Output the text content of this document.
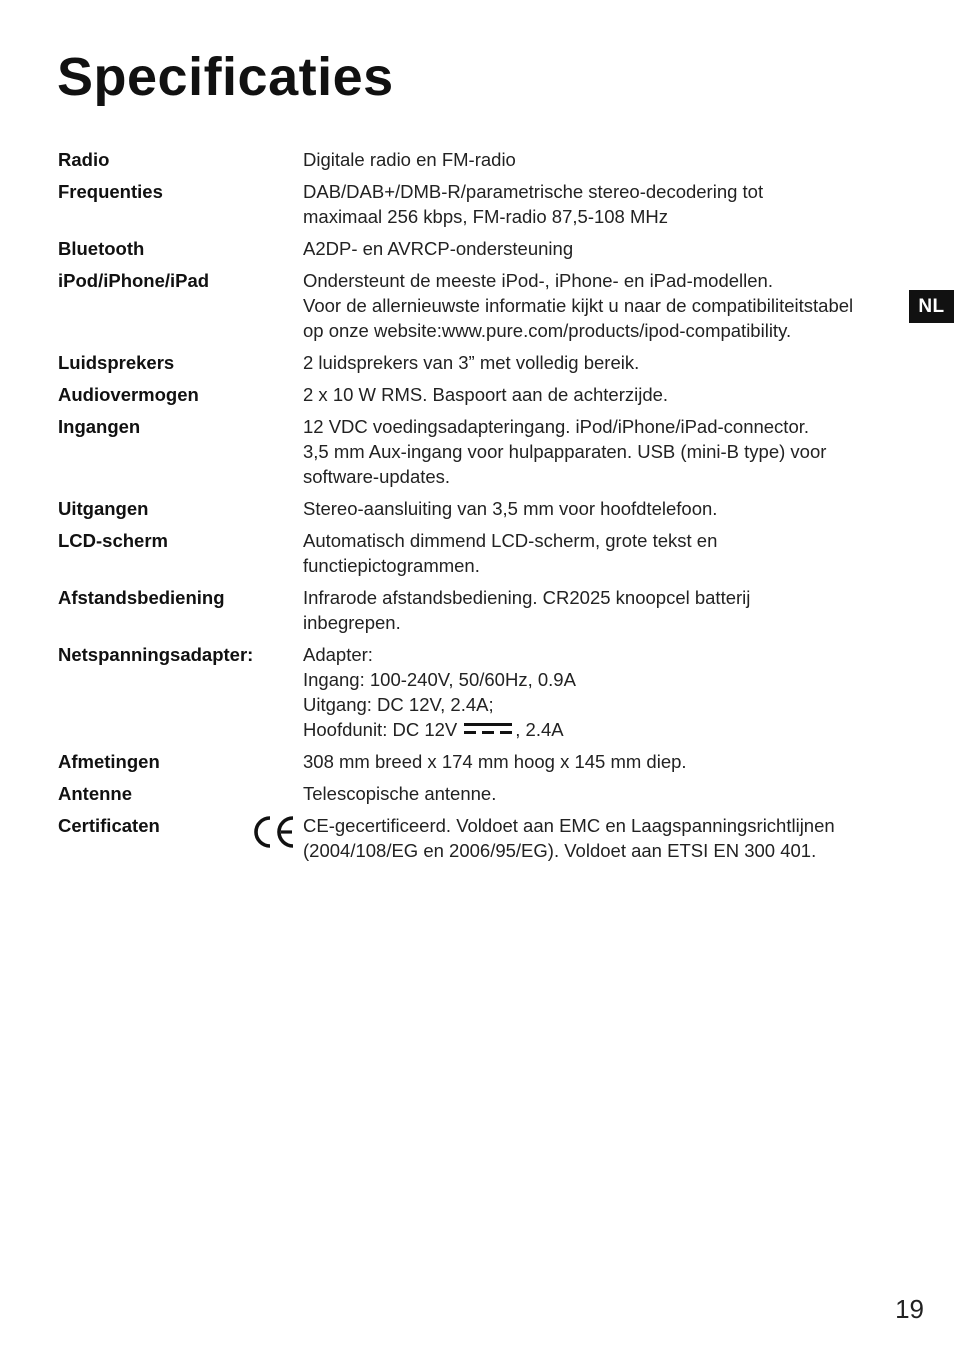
Specificaties
NL
Radio	Digitale radio en FM-radio
Frequenties	DAB/DAB+/DMB-R/parametrische stereo-decodering tot
maximaal 256 kbps, FM-radio 87,5-108 MHz
Bluetooth	A2DP- en AVRCP-ondersteuning
iPod/iPhone/iPad	Ondersteunt de meeste iPod-, iPhone- en iPad-modellen.
Voor de allernieuwste informatie kijkt u naar de compatibiliteitstabel
op onze website:www.pure.com/products/ipod-compatibility.
Luidsprekers	2 luidsprekers van 3” met volledig bereik.
Audiovermogen	2 x 10 W RMS. Baspoort aan de achterzijde.
Ingangen	12 VDC voedingsadapteringang. iPod/iPhone/iPad-connector.
3,5 mm Aux-ingang voor hulpapparaten. USB (mini-B type) voor
software-updates.
Uitgangen	Stereo-aansluiting van 3,5 mm voor hoofdtelefoon.
LCD-scherm	Automatisch dimmend LCD-scherm, grote tekst en
functiepictogrammen.
Afstandsbediening	Infrarode afstandsbediening. CR2025 knoopcel batterij
inbegrepen.
Netspanningsadapter:	Adapter:
Ingang: 100-240V, 50/60Hz, 0.9A
Uitgang: DC 12V, 2.4A;
Hoofdunit: DC 12V	, 2.4A
Afmetingen	308 mm breed x 174 mm hoog x 145 mm diep.
Antenne	Telescopische antenne.
Certificaten	CE-gecertificeerd. Voldoet aan EMC en Laagspanningsrichtlijnen
(2004/108/EG en 2006/95/EG). Voldoet aan ETSI EN 300 401.
19
